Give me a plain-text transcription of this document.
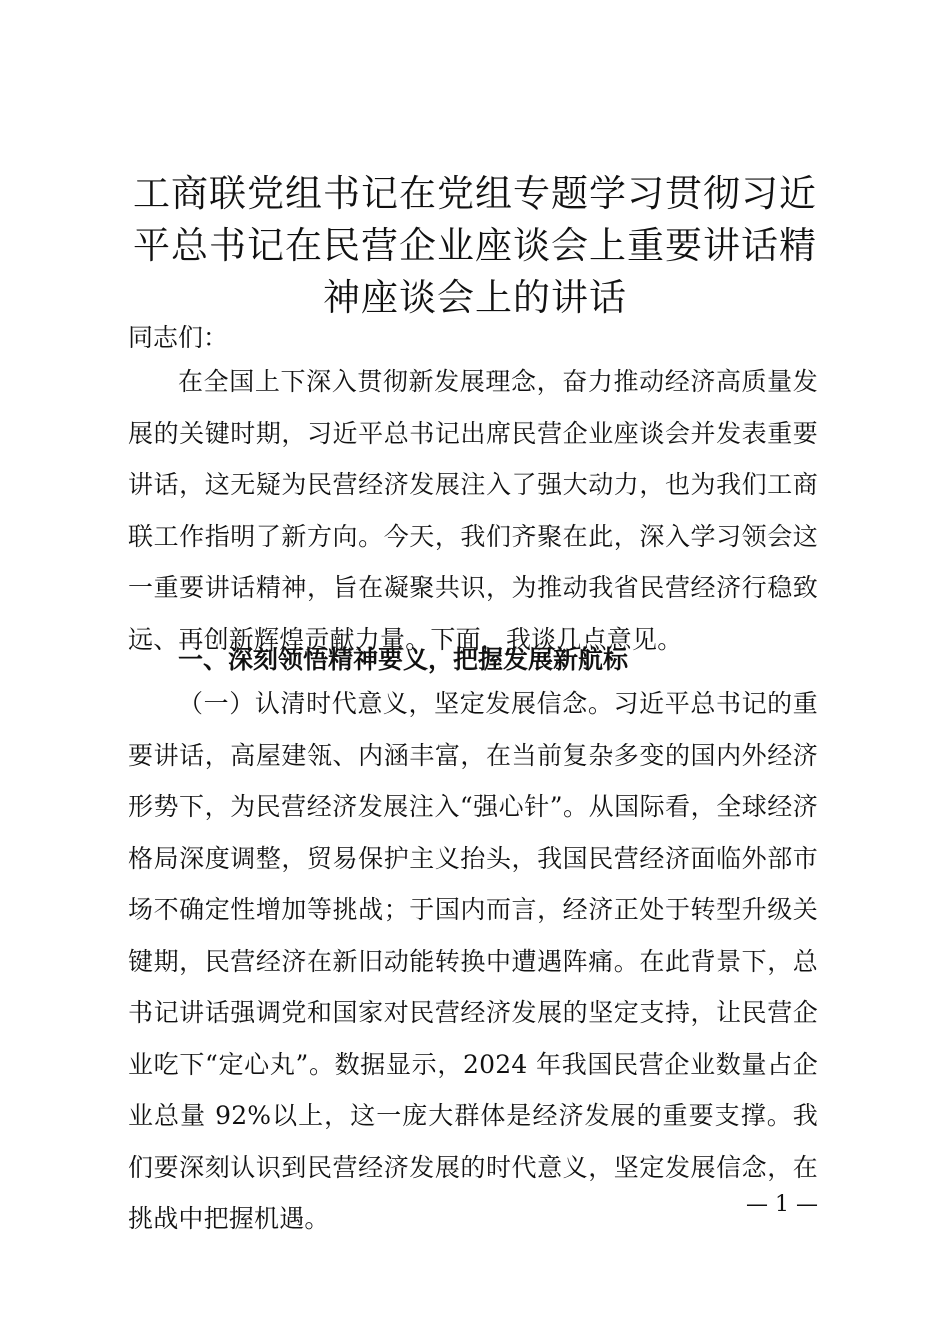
工商联党组书记在党组专题学习贯彻习近平总书记在民营企业座谈会上重要讲话精神座谈会上的讲话

同志们：

在全国上下深入贯彻新发展理念，奋力推动经济高质量发展的关键时期，习近平总书记出席民营企业座谈会并发表重要讲话，这无疑为民营经济发展注入了强大动力，也为我们工商联工作指明了新方向。今天，我们齐聚在此，深入学习领会这一重要讲话精神，旨在凝聚共识，为推动我省民营经济行稳致远、再创新辉煌贡献力量。下面，我谈几点意见。

一、深刻领悟精神要义，把握发展新航标

（一）认清时代意义，坚定发展信念。习近平总书记的重要讲话，高屋建瓴、内涵丰富，在当前复杂多变的国内外经济形势下，为民营经济发展注入“强心针”。从国际看，全球经济格局深度调整，贸易保护主义抬头，我国民营经济面临外部市场不确定性增加等挑战；于国内而言，经济正处于转型升级关键期，民营经济在新旧动能转换中遭遇阵痛。在此背景下，总书记讲话强调党和国家对民营经济发展的坚定支持，让民营企业吃下“定心丸”。数据显示，2024 年我国民营企业数量占企业总量 92%以上，这一庞大群体是经济发展的重要支撑。我们要深刻认识到民营经济发展的时代意义，坚定发展信念，在挑战中把握机遇。	— 1 —
